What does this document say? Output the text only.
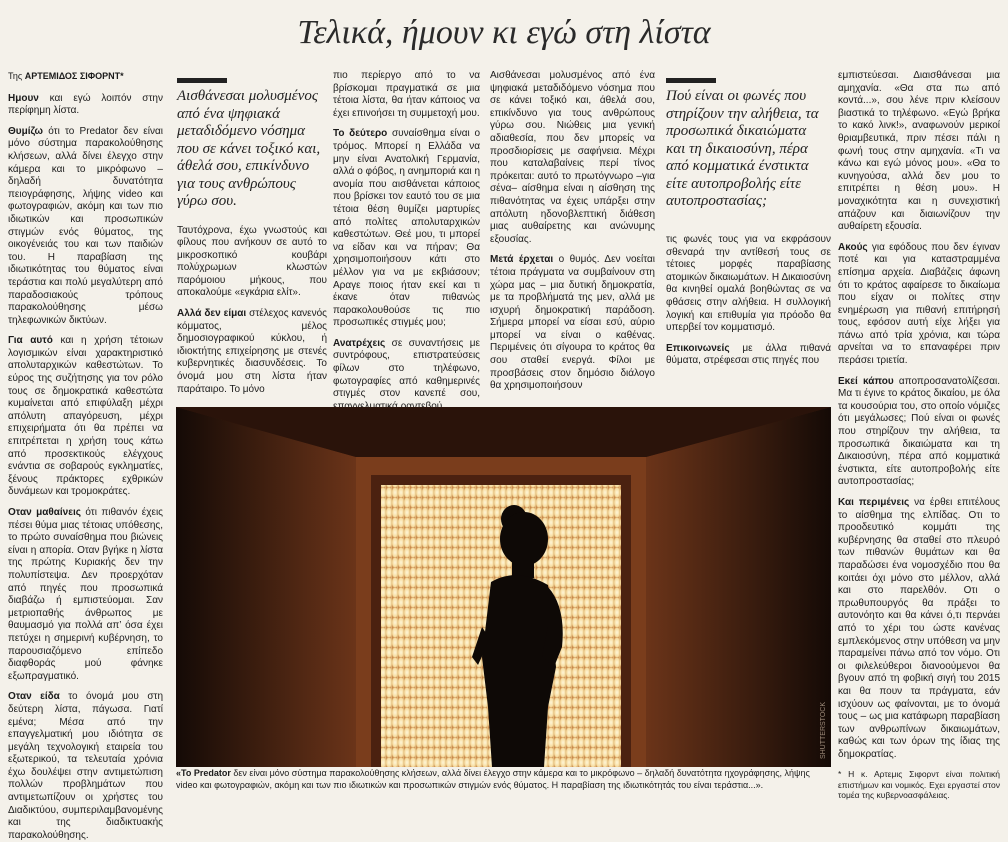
Τελικά, ήμουν κι εγώ στη λίστα
Της ΑΡΤΕΜΙΔΟΣ ΣΙΦΟΡΝΤ*

Ημουν και εγώ λοιπόν στην περίφημη λίστα.

Θυμίζω ότι το Predator δεν είναι μόνο σύστημα παρακολούθησης κλήσεων, αλλά δίνει έλεγχο στην κάμερα και το μικρόφωνο – δηλαδή δυνατότητα πειογράφησης, λήψης video και φωτογραφιών, ακόμη και των πιο ιδιωτικών και προσωπικών στιγμών ενός θύματος, της οικογένειάς του και των παιδιών του. Η παραβίαση της ιδιωτικότητας του θύματος είναι τεράστια και πολύ μεγαλύτερη από παραδοσιακούς τρόπους παρακολούθησης μέσω τηλεφωνικών δικτύων.

Για αυτό και η χρήση τέτοιων λογισμικών είναι χαρακτηριστικό απολυταρχικών καθεστώτων. Το εύρος της συζήτησης για τον ρόλο τους σε δημοκρατικά καθεστώτα κυμαίνεται από επιφύλαξη μέχρι απόλυτη απαγόρευση, μέχρι επιχειρήματα ότι θα πρέπει να επιτρέπεται η χρήση τους κάτω από προσεκτικούς ελέγχους ενάντια σε σοβαρούς εγκληματίες, ξένους πράκτορες εχθρικών δυνάμεων και τρομοκράτες.

Οταν μαθαίνεις ότι πιθανόν έχεις πέσει θύμα μιας τέτοιας υπόθεσης, το πρώτο συναίσθημα που βιώνεις είναι η απορία. Οταν βγήκε η λίστα της πρώτης Κυριακής δεν την πολυπίστεψα. Δεν προερχόταν από πηγές που προσωπικά διαβάζω ή εμπιστεύομαι. Σαν μετριοπαθής άνθρωπος με θαυμασμό για πολλά απ’ όσα έχει πετύχει η σημερινή κυβέρνηση, το παρουσιαζόμενο επίπεδο διαφθοράς μού φάνηκε εξωπραγματικό.

Οταν είδα το όνομά μου στη δεύτερη λίστα, πάγωσα. Γιατί εμένα; Μέσα από την επαγγελματική μου ιδιότητα σε μεγάλη τεχνολογική εταιρεία του εξωτερικού, τα τελευταία χρόνια έχω δουλέψει στην αντιμετώπιση πολλών προβλημάτων που αντιμετωπίζουν οι χρήστες του Διαδικτύου, συμπεριλαμβανομένης και της διαδικτυακής παρακολούθησης.

Αισθάνεσαι μολυσμένος από ένα ψηφιακά μεταδιδόμενο νόσημα που σε κάνει τοξικό και, άθελά σου, επικίνδυνο για τους ανθρώπους γύρω σου.

Ταυτόχρονα, έχω γνωστούς και φίλους που ανήκουν σε αυτό το μικροσκοπικό κουβάρι πολύχρωμων κλωστών παρόμοιου μήκους, που αποκαλούμε «εγκάρια ελίτ».

Αλλά δεν είμαι στέλεχος κανενός κόμματος, μέλος δημοσιογραφικού κύκλου, ή ιδιοκτήτης επιχείρησης με στενές κυβερνητικές διασυνδέσεις. Το όνομά μου στη λίστα ήταν παράταιρο. Το μόνο

πιο περίεργο από το να βρίσκομαι πραγματικά σε μια τέτοια λίστα, θα ήταν κάποιος να έχει επινοήσει τη συμμετοχή μου.

Το δεύτερο συναίσθημα είναι ο τρόμος. Μπορεί η Ελλάδα να μην είναι Ανατολική Γερμανία, αλλά ο φόβος, η ανημποριά και η ανομία που αισθάνεται κάποιος που βρίσκει τον εαυτό του σε μια τέτοια θέση θυμίζει μαρτυρίες από πολίτες απολυταρχικών καθεστώτων. Θεέ μου, τι μπορεί να είδαν και να πήραν; Θα χρησιμοποιήσουν κάτι στο μέλλον για να με εκβιάσουν; Αραγε ποιος ήταν εκεί και τι έκανε όταν πιθανώς παρακολουθούσε τις πιο προσωπικές στιγμές μου;

Ανατρέχεις σε συναντήσεις με συντρόφους, επιστρατεύσεις φίλων στο τηλέφωνο, φωτογραφίες από καθημερινές στιγμές στον κανεπέ σου,

Αισθάνεσαι μολυσμένος από ένα ψηφιακά μεταδιδόμενο νόσημα που σε κάνει τοξικό και, άθελά σου, επικίνδυνο για τους ανθρώπους γύρω σου. Νιώθεις μια γενική αδιαθεσία, που δεν μπορείς να προσδιορίσεις με σαφήνεια. Μέχρι που καταλαβαίνεις περί τίνος πρόκειται: αυτό το πρωτόγνωρο –για σένα– αίσθημα είναι η αίσθηση της πιθανότητας να έχεις υπάρξει στην απόλυτη ηδονοβλεπτική διάθεση μιας αυθαίρετης και ανώνυμης εξουσίας.

Μετά έρχεται ο θυμός. Δεν νοείται τέτοια πράγματα να συμβαίνουν στη χώρα μας – μια δυτική δημοκρατία, με τα προβλήματά της μεν, αλλά με ισχυρή δημοκρατική παράδοση. Σήμερα μπορεί να είσαι εσύ, αύριο μπορεί να είναι ο καθένας. Περιμένεις ότι σίγουρα το κράτος θα σου σταθεί ενεργά. Φίλοι με προσβάσεις στον δημόσιο διάλογο θα χρησιμοποιήσουν

Πού είναι οι φωνές που στηρίζουν την αλήθεια, τα προσωπικά δικαιώματα και τη δικαιοσύνη, πέρα από κομματικά ένστικτα είτε αυτοπροβολής είτε αυτοπροστασίας;

τις φωνές τους για να εκφράσουν σθεναρά την αντίθεσή τους σε τέτοιες μορφές παραβίασης ατομικών δικαιωμάτων. Η Δικαιοσύνη θα κινηθεί ομαλά βοηθώντας σε να φθάσεις στην αλήθεια. Η συλλογική λογική και επιθυμία για πρόοδο θα υπερβεί τον κομματισμό.

Επικοινωνείς με άλλα πιθανά θύματα, στρέφεσαι στις πηγές που

εμπιστεύεσαι. Διαισθάνεσαι μια αμηχανία. «Θα στα πω από κοντά...», σου λένε πριν κλείσουν βιαστικά το τηλέφωνο. «Εγώ βρήκα το κακό λινκ!», αναφωνούν μερικοί θριαμβευτικά, πριν πέσει πάλι η φωνή τους στην αμηχανία. «Τι να κάνω και εγώ μόνος μου». «Θα το κυνηγούσα, αλλά δεν μου το επιτρέπει η θέση μου». Η μοναχικότητα και η συνεχιστική απάζουν και διαιωνίζουν την αυθαίρετη εξουσία.

Ακούς για εφόδους που δεν έγιναν ποτέ και για καταστραμμένα επίσημα αρχεία. Διαβάζεις άφωνη ότι το κράτος αφαίρεσε το δικαίωμα που είχαν οι πολίτες στην ενημέρωση για πιθανή επιτήρησή τους, εφόσον αυτή είχε λήξει για πάνω από τρία χρόνια, και τώρα αρνείται να το επαναφέρει πριν περάσει τριετία.

Εκεί κάπου αποπροσανατολίζεσαι. Μα τι έγινε το κράτος δικαίου, με όλα τα κουσούρια του, στο οποίο νόμιζες ότι μεγάλωσες; Πού είναι οι φωνές που στηρίζουν την αλήθεια, τα προσωπικά δικαιώματα και τη Δικαιοσύνη, πέρα από κομματικά ένστικτα, είτε αυτοπροβολής είτε αυτοπροστασίας;

Και περιμένεις να έρθει επιτέλους το αίσθημα της ελπίδας. Οτι το προοδευτικό κομμάτι της κυβέρνησης θα σταθεί στο πλευρό των πιθανών θυμάτων και θα παραδώσει ένα νομοσχέδιο που θα κοιτάει όχι μόνο στο μέλλον, αλλά και στο παρελθόν. Οτι ο πρωθυπουργός θα πράξει το αυτονόητο και θα κάνει ό,τι περνάει από το χέρι του ώστε κανένας εμπλεκόμενος στην υπόθεση να μην παραμείνει πάνω από τον νόμο. Οτι οι φιλελεύθεροι διανοούμενοι θα βγουν από τη φοβική σιγή του 2015 και θα πουν τα πράγματα, εάν ισχύουν ως φαίνονται, με το όνομά τους – ως μια κατάφωρη παραβίαση των ανθρωπίνων δικαιωμάτων, καθώς και των όρων της ίδιας της δημοκρατίας.

* Η κ. Αρτεμις Σιφορντ είναι πολιτική επιστήμων και νομικός. Εχει εργαστεί στον τομέα της κυβερνοασφάλειας.
SHUTTERSTOCK
«Το Predator δεν είναι μόνο σύστημα παρακολούθησης κλήσεων, αλλά δίνει έλεγχο στην κάμερα και το μικρόφωνο – δηλαδή δυνατότητα ηχογράφησης, λήψης video και φωτογραφιών, ακόμη και των πιο ιδιωτικών και προσωπικών στιγμών ενός θύματος. Η παραβίαση της ιδιωτικότητάς του είναι τεράστια...».
